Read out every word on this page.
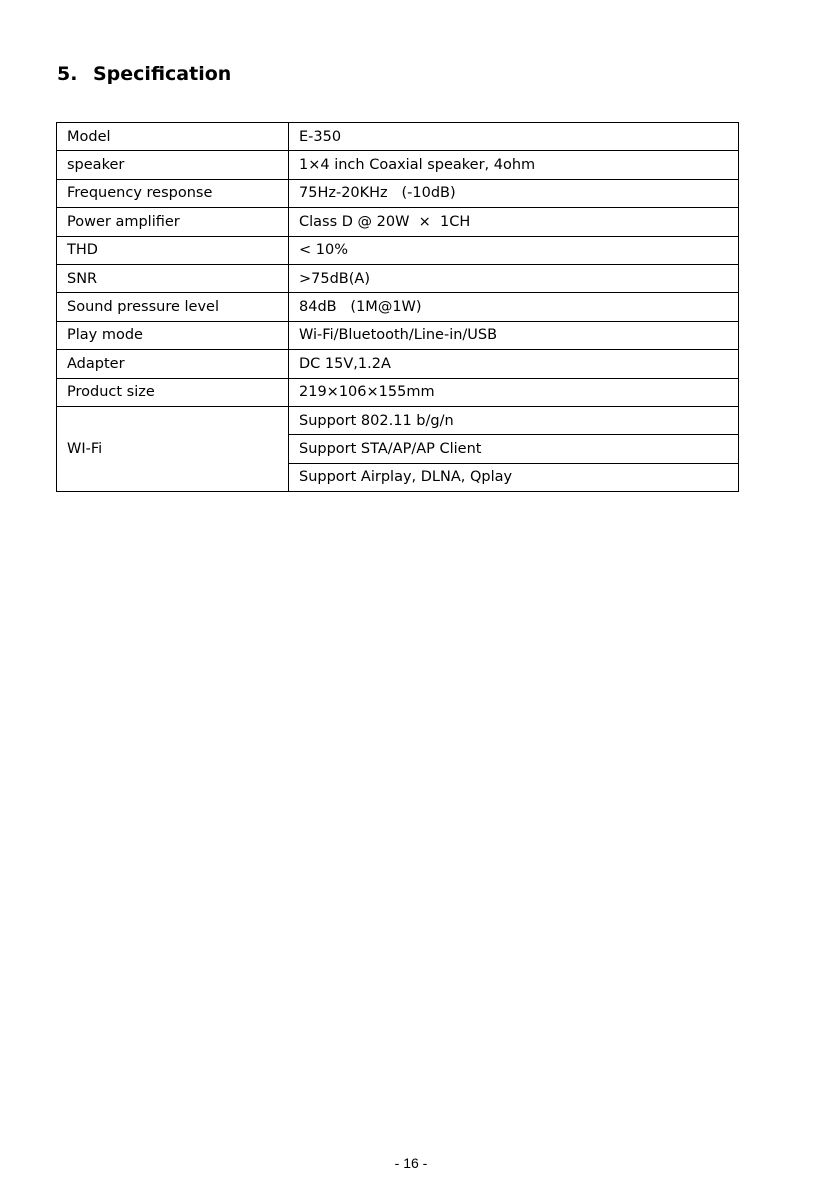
5. Specification
Model	E-350
speaker	1×4 inch Coaxial speaker, 4ohm
Frequency response	75Hz-20KHz   (-10dB)
Power amplifier	Class D @ 20W  ×  1CH
THD	< 10%
SNR	>75dB(A)
Sound pressure level	84dB   (1M@1W)
Play mode	Wi-Fi/Bluetooth/Line-in/USB
Adapter	DC 15V,1.2A
Product size	219×106×155mm
WI-Fi	Support 802.11 b/g/n
	Support STA/AP/AP Client
	Support Airplay, DLNA, Qplay
- 16 -
